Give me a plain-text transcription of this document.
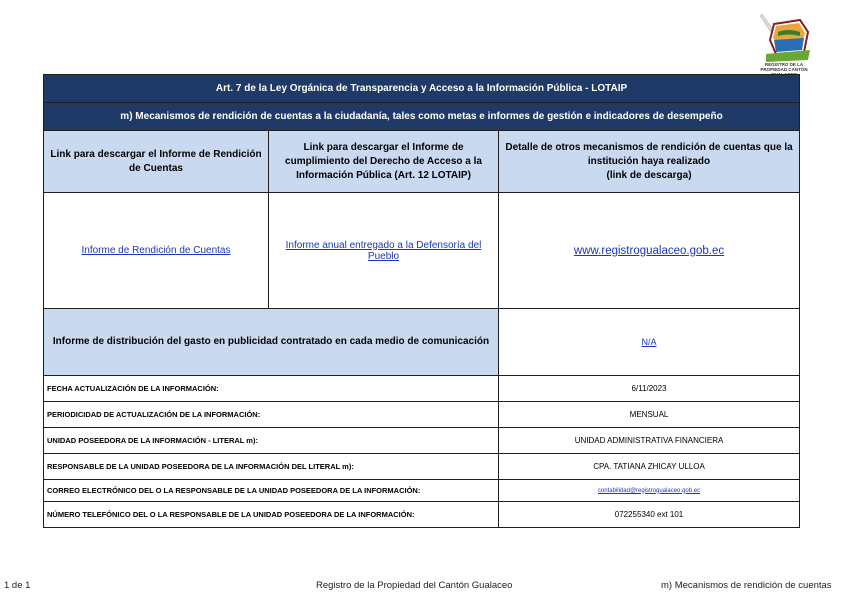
REGISTRO DE LA PROPIEDAD CANTÓN
Art. 7 de la Ley Orgánica de Transparencia y Acceso a la Información Pública - LOTAIP		
m) Mecanismos de rendición de cuentas a la ciudadanía, tales como metas e informes de gestión e indicadores de desempeño		
Link para descargar el Informe de Rendición de Cuentas	Link para descargar el Informe de cumplimiento del Derecho de Acceso a la Información Pública (Art. 12 LOTAIP)	Detalle de otros mecanismos de rendición de cuentas que la institución haya realizado
(link de descarga)
Informe de Rendición de Cuentas	Informe anual entregado a la Defensoría del Pueblo	www.registrogualaceo.gob.ec
Informe de distribución del gasto en publicidad contratado en cada medio de comunicación		N/A
FECHA ACTUALIZACIÓN DE LA INFORMACIÓN:		6/11/2023
PERIODICIDAD DE ACTUALIZACIÓN DE LA INFORMACIÓN:		MENSUAL
UNIDAD POSEEDORA DE LA INFORMACIÓN - LITERAL m):		UNIDAD ADMINISTRATIVA FINANCIERA
RESPONSABLE DE LA UNIDAD POSEEDORA DE LA INFORMACIÓN DEL LITERAL m):		CPA. TATIANA ZHICAY ULLOA
CORREO ELECTRÓNICO DEL O LA RESPONSABLE DE LA UNIDAD POSEEDORA DE LA INFORMACIÓN:		contabilidad@registrogualaceo.gob.ec
NÚMERO TELEFÓNICO DEL O LA RESPONSABLE DE LA UNIDAD POSEEDORA DE LA INFORMACIÓN:		072255340 ext 101
1 de 1	Registro de la Propiedad del Cantón Gualaceo	m) Mecanismos de rendición de cuentas
